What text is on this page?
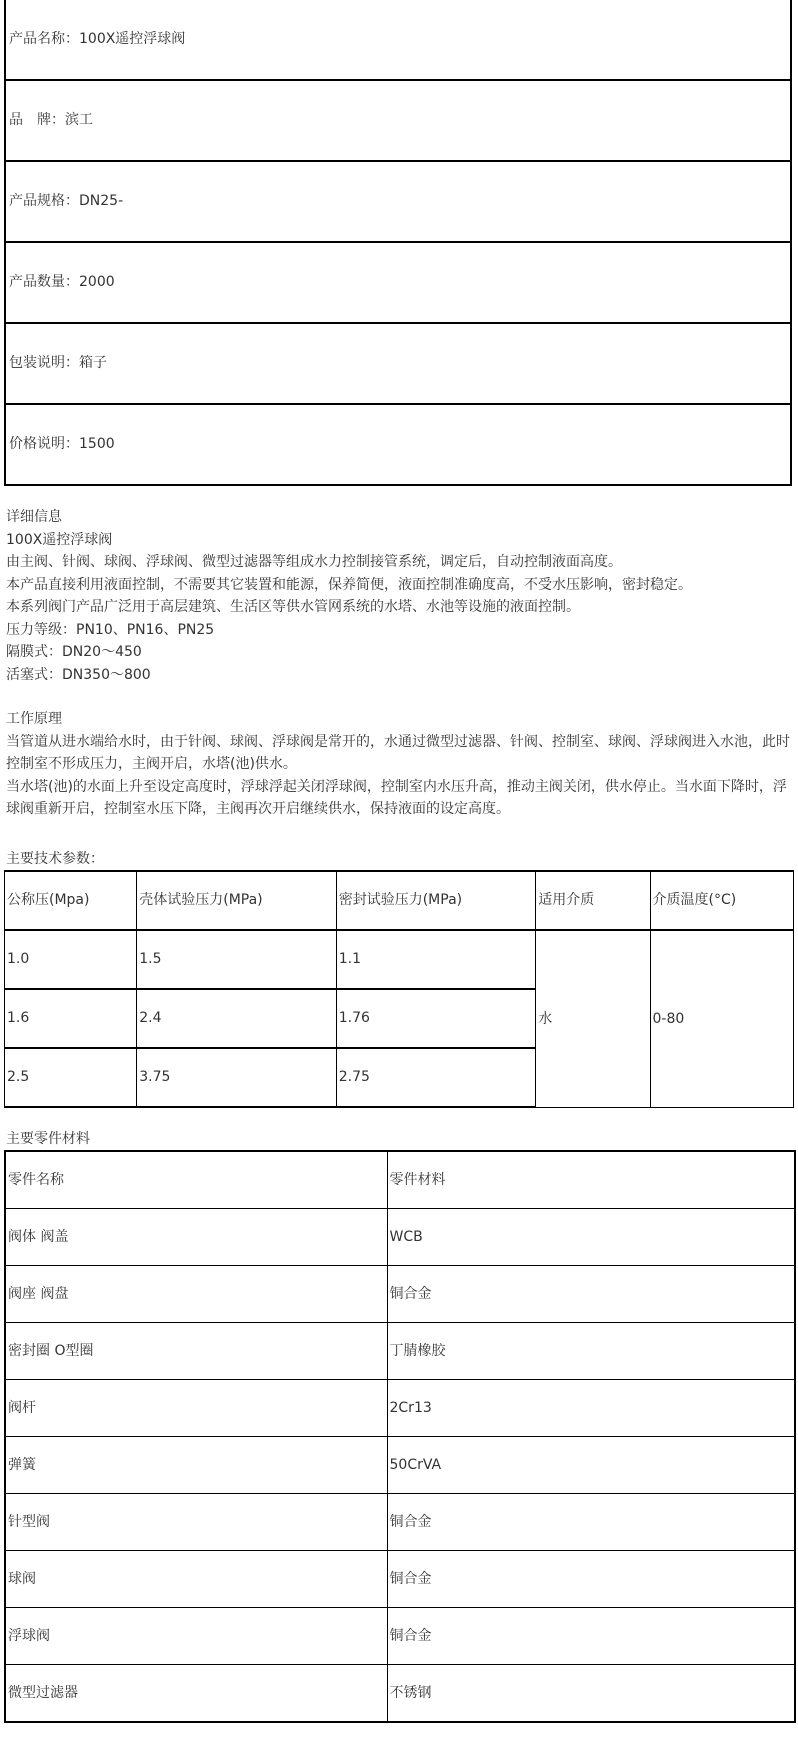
产品名称：100X遥控浮球阀
品　牌：滨工
产品规格：DN25-
产品数量：2000
包装说明：箱子
价格说明：1500

详细信息

100X遥控浮球阀

由主阀、针阀、球阀、浮球阀、微型过滤器等组成水力控制接管系统，调定后，自动控制液面高度。

本产品直接利用液面控制，不需要其它装置和能源，保养简便，液面控制准确度高，不受水压影响，密封稳定。

本系列阀门产品广泛用于高层建筑、生活区等供水管网系统的水塔、水池等设施的液面控制。

压力等级：PN10、PN16、PN25

隔膜式：DN20～450

活塞式：DN350～800

工作原理

当管道从进水端给水时，由于针阀、球阀、浮球阀是常开的，水通过微型过滤器、针阀、控制室、球阀、浮球阀进入水池，此时控制室不形成压力，主阀开启，水塔(池)供水。

当水塔(池)的水面上升至设定高度时，浮球浮起关闭浮球阀，控制室内水压升高，推动主阀关闭，供水停止。当水面下降时，浮球阀重新开启，控制室水压下降，主阀再次开启继续供水，保持液面的设定高度。

主要技术参数：
公称压(Mpa)	壳体试验压力(MPa)	密封试验压力(MPa)	适用介质	介质温度(°C)
1.0	1.5	1.1	水	0-80
1.6	2.4	1.76		
2.5	3.75	2.75		
主要零件材料
零件名称	零件材料
阀体 阀盖	WCB
阀座 阀盘	铜合金
密封圈 O型圈	丁腈橡胶
阀杆	2Cr13
弹簧	50CrVA
针型阀	铜合金
球阀	铜合金
浮球阀	铜合金
微型过滤器	不锈钢
